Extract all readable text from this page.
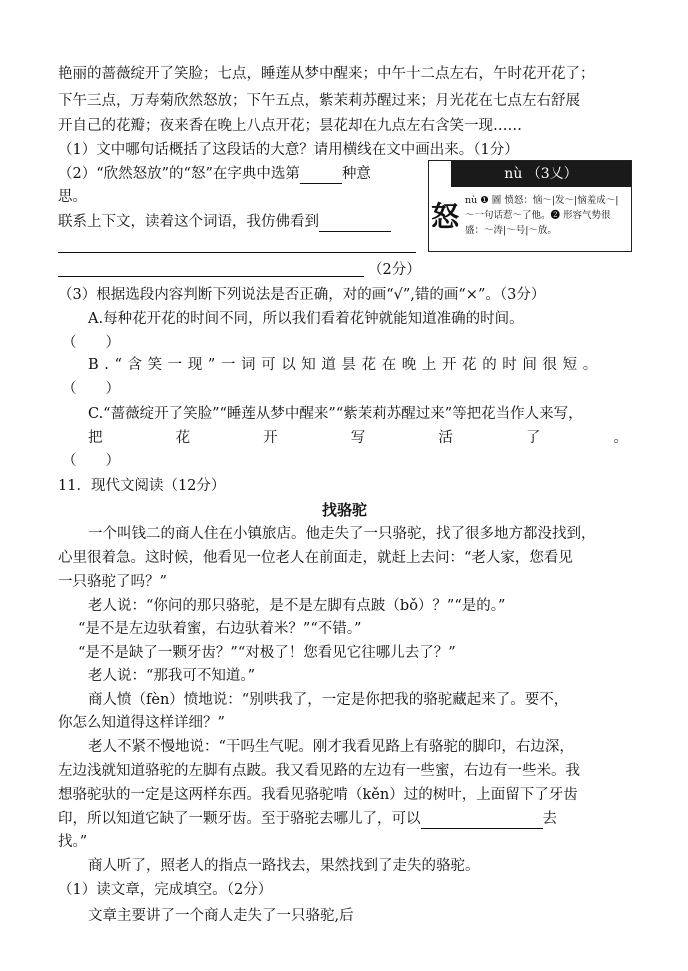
艳丽的蔷薇绽开了笑脸；七点，睡莲从梦中醒来；中午十二点左右，午时花开花了；
下午三点，万寿菊欣然怒放；下午五点，紫茉莉苏醒过来；月光花在七点左右舒展
开自己的花瓣；夜来香在晚上八点开花；昙花却在九点左右含笑一现……
（1）文中哪句话概括了这段话的大意？请用横线在文中画出来。（1分）
（2）“欣然怒放”的“怒”在字典中选第	种意
思。
联系上下文，读着这个词语，我仿佛看到
（2分）
nù （3乂）
怒 nù ❶ 圖 愤怒：恼～|发～|恼羞成～|～一句话惹～了他。❷ 形容气势很盛：～涛|～号|～放。
（3）根据选段内容判断下列说法是否正确，对的画“√”,错的画“×”。（3分）
A.每种花开花的时间不同，所以我们看着花钟就能知道准确的时间。
（　　）
B.“含笑一现”一词可以知道昙花在晚上开花的时间很短。
（　　）
C.“蔷薇绽开了笑脸”“睡莲从梦中醒来”“紫茉莉苏醒过来”等把花当作人来写，
把	花	开	写	活	了	。
（　　）
11．现代文阅读（12分）
找骆驼
一个叫钱二的商人住在小镇旅店。他走失了一只骆驼，找了很多地方都没找到，
心里很着急。这时候，他看见一位老人在前面走，就赶上去问：“老人家，您看见
一只骆驼了吗？”
老人说：“你问的那只骆驼，是不是左脚有点跛（bǒ）？”“是的。”
“是不是左边驮着蜜，右边驮着米？”“不错。”
“是不是缺了一颗牙齿？”“对极了！您看见它往哪儿去了？”
老人说：“那我可不知道。”
商人愤（fèn）愤地说：“别哄我了，一定是你把我的骆驼藏起来了。要不，
你怎么知道得这样详细？”
老人不紧不慢地说：“干吗生气呢。刚才我看见路上有骆驼的脚印，右边深，
左边浅就知道骆驼的左脚有点跛。我又看见路的左边有一些蜜，右边有一些米。我
想骆驼驮的一定是这两样东西。我看见骆驼啃（kěn）过的树叶，上面留下了牙齿
印，所以知道它缺了一颗牙齿。至于骆驼去哪儿了，可以	去
找。”
商人听了，照老人的指点一路找去，果然找到了走失的骆驼。
（1）读文章，完成填空。（2分）
文章主要讲了一个商人走失了一只骆驼,后
